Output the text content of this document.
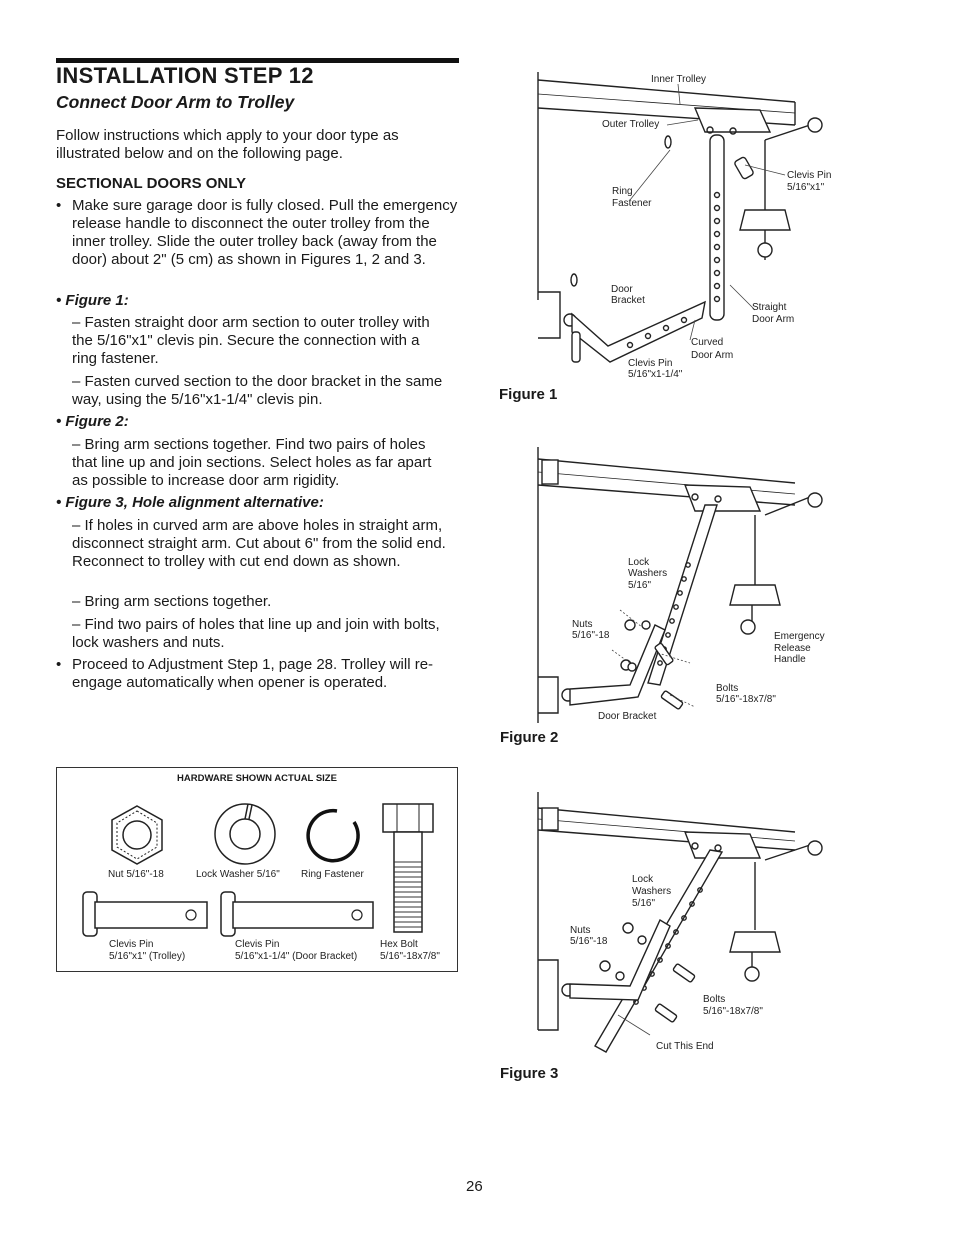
INSTALLATION STEP 12
Connect Door Arm to Trolley
Follow instructions which apply to your door type as illustrated below and on the following page.
SECTIONAL DOORS ONLY
• Make sure garage door is fully closed. Pull the emergency release handle to disconnect the outer trolley from the inner trolley. Slide the outer trolley back (away from the door) about 2" (5 cm) as shown in Figures 1, 2 and 3.
• Figure 1:
– Fasten straight door arm section to outer trolley with the 5/16"x1" clevis pin. Secure the connection with a ring fastener.
– Fasten curved section to the door bracket in the same way, using the 5/16"x1-1/4" clevis pin.
• Figure 2:
– Bring arm sections together. Find two pairs of holes that line up and join sections. Select holes as far apart as possible to increase door arm rigidity.
• Figure 3, Hole alignment alternative:
– If holes in curved arm are above holes in straight arm, disconnect straight arm. Cut about 6" from the solid end. Reconnect to trolley with cut end down as shown.
– Bring arm sections together.
– Find two pairs of holes that line up and join with bolts, lock washers and nuts.
• Proceed to Adjustment Step 1, page 28. Trolley will re-engage automatically when opener is operated.
HARDWARE SHOWN ACTUAL SIZE
Nut 5/16"-18	Lock Washer 5/16" Ring Fastener
Clevis Pin
5/16"x1" (Trolley)
Clevis Pin
5/16"x1-1/4" (Door Bracket)
Hex Bolt
5/16"-18x7/8"
Inner Trolley
Outer Trolley
Clevis Pin
5/16"x1"
Ring
Fastener
Door
Bracket
Straight
Door Arm
Curved
Door Arm
Clevis Pin
5/16"x1-1/4"
Figure 1
Lock
Washers
5/16"
Nuts
5/16"-18	Emergency
Release
Handle
Bolts
5/16"-18x7/8"
Door Bracket
Figure 2
Lock
Washers
5/16"
Nuts
5/16"-18
Bolts
5/16"-18x7/8"
Cut This End
Figure 3
26
